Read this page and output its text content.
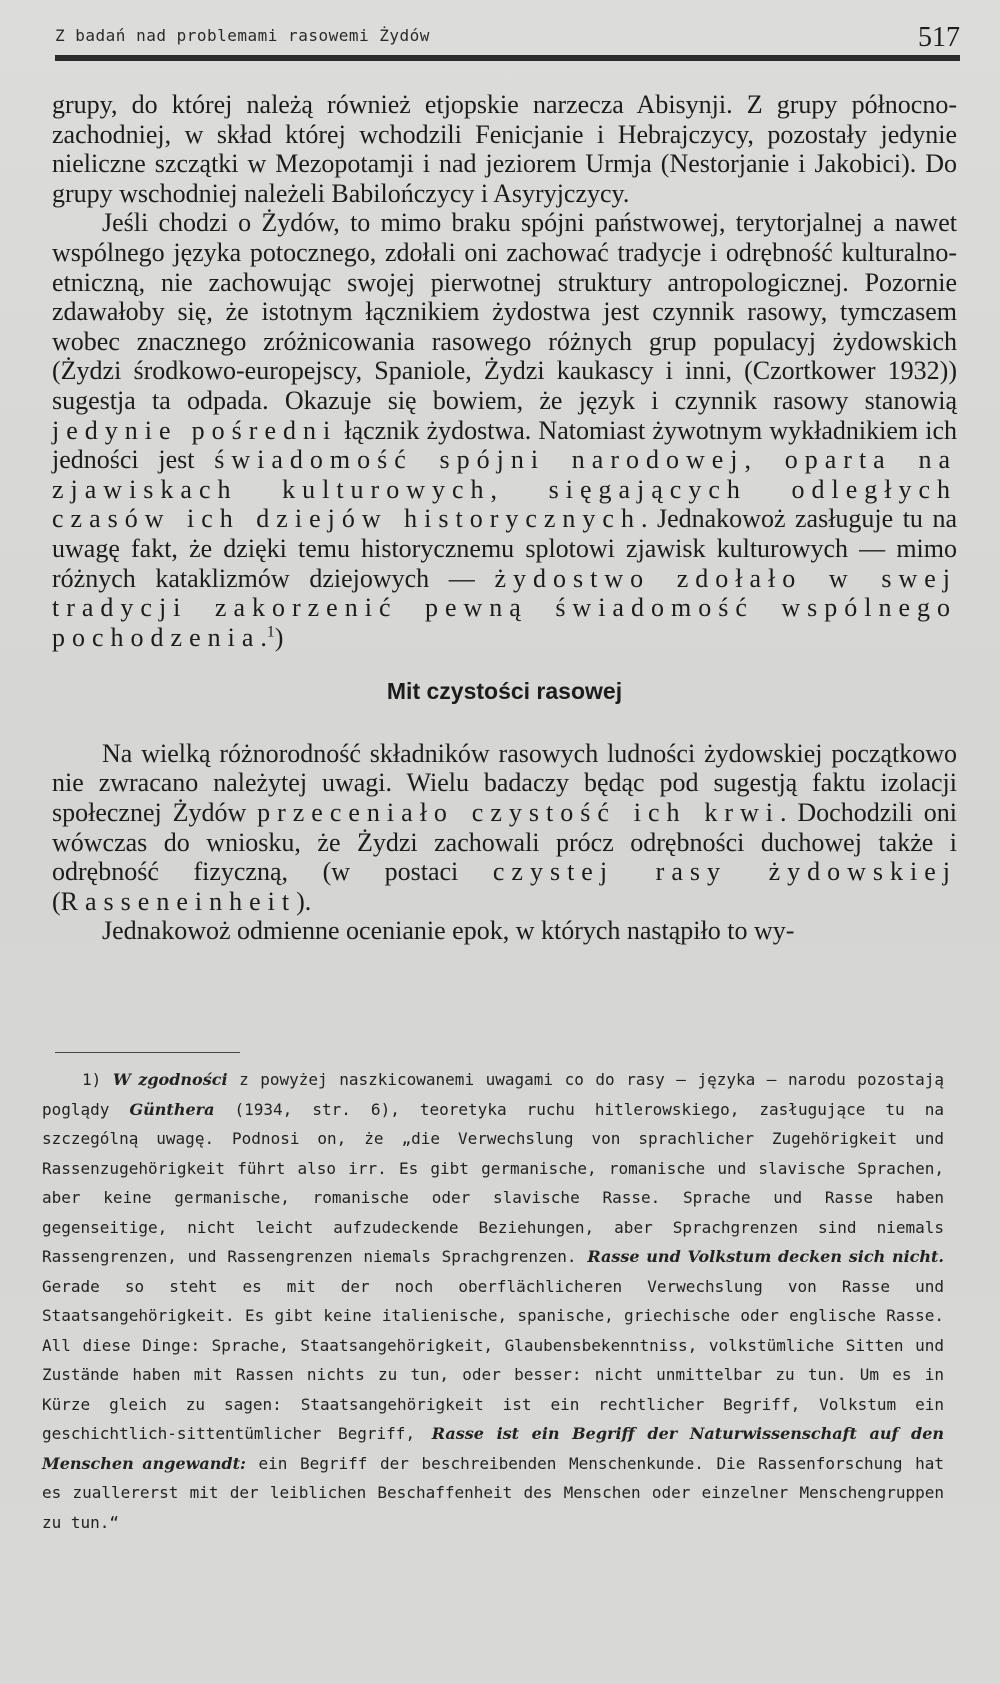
Z badań nad problemami rasowemi Żydów	517

grupy, do której należą również etjopskie narzecza Abisynji. Z grupy północno-zachodniej, w skład której wchodzili Fenicjanie i Hebrajczycy, pozostały jedynie nieliczne szczątki w Mezopotamji i nad jeziorem Urmja (Nestorjanie i Jakobici). Do grupy wschodniej należeli Babilończycy i Asyryjczycy.

Jeśli chodzi o Żydów, to mimo braku spójni państwowej, terytorjalnej a nawet wspólnego języka potocznego, zdołali oni zachować tradycje i odrębność kulturalno-etniczną, nie zachowując swojej pierwotnej struktury antropologicznej. Pozornie zdawałoby się, że istotnym łącznikiem żydostwa jest czynnik rasowy, tymczasem wobec znacznego zróżnicowania rasowego różnych grup populacyj żydowskich (Żydzi środkowo-europejscy, Spaniole, Żydzi kaukascy i inni, (Czortkower 1932)) sugestja ta odpada. Okazuje się bowiem, że język i czynnik rasowy stanowią jedynie pośredni łącznik żydostwa. Natomiast żywotnym wykładnikiem ich jedności jest świadomość spójni narodowej, oparta na zjawiskach kulturowych, sięgających odległych czasów ich dziejów historycznych. Jednakowoż zasługuje tu na uwagę fakt, że dzięki temu historycznemu splotowi zjawisk kulturowych — mimo różnych kataklizmów dziejowych — żydostwo zdołało w swej tradycji zakorzenić pewną świadomość wspólnego pochodzenia.$^1$)

Mit czystości rasowej

Na wielką różnorodność składników rasowych ludności żydowskiej początkowo nie zwracano należytej uwagi. Wielu badaczy będąc pod sugestją faktu izolacji społecznej Żydów przeceniało czystość ich krwi. Dochodzili oni wówczas do wniosku, że Żydzi zachowali prócz odrębności duchowej także i odrębność fizyczną, (w postaci czystej rasy żydowskiej (Rasseneinheit).

Jednakowoż odmienne ocenianie epok, w których nastąpiło to wy-

1) W zgodności z powyżej naszkicowanemi uwagami co do rasy — języka — narodu pozostają poglądy Günthera (1934, str. 6), teoretyka ruchu hitlerowskiego, zasługujące tu na szczególną uwagę. Podnosi on, że „die Verwechslung von sprachlicher Zugehörigkeit und Rassenzugehörigkeit führt also irr. Es gibt germanische, romanische und slavische Sprachen, aber keine germanische, romanische oder slavische Rasse. Sprache und Rasse haben gegenseitige, nicht leicht aufzudeckende Beziehungen, aber Sprachgrenzen sind niemals Rassengrenzen, und Rassengrenzen niemals Sprachgrenzen. Rasse und Volkstum decken sich nicht. Gerade so steht es mit der noch oberflächlicheren Verwechslung von Rasse und Staatsangehörigkeit. Es gibt keine italienische, spanische, griechische oder englische Rasse. All diese Dinge: Sprache, Staatsangehörigkeit, Glaubensbekenntniss, volkstümliche Sitten und Zustände haben mit Rassen nichts zu tun, oder besser: nicht unmittelbar zu tun. Um es in Kürze gleich zu sagen: Staatsangehörigkeit ist ein rechtlicher Begriff, Volkstum ein geschichtlich-sittentümlicher Begriff, Rasse ist ein Begriff der Naturwissenschaft auf den Menschen angewandt: ein Begriff der beschreibenden Menschenkunde. Die Rassenforschung hat es zuallererst mit der leiblichen Beschaffenheit des Menschen oder einzelner Menschengruppen zu tun.“
